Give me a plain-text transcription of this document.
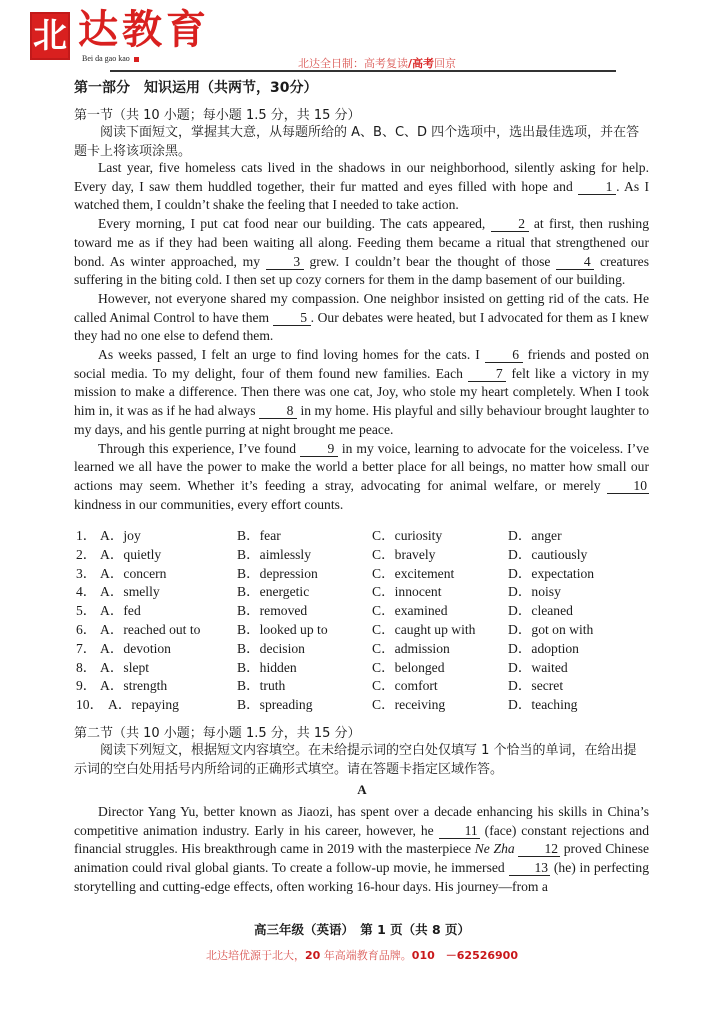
北 达教育
Bei da gao kao	北达全日制：高考复读/高考回京
第一部分　知识运用（共两节，30分）
第一节（共 10 小题；每小题 1.5 分，共 15 分）
阅读下面短文，掌握其大意，从每题所给的 A、B、C、D 四个选项中，选出最佳选项，并在答题卡上将该项涂黑。

Last year, five homeless cats lived in the shadows in our neighborhood, silently asking for help. Every day, I saw them huddled together, their fur matted and eyes filled with hope and 1 . As I watched them, I couldn’t shake the feeling that I needed to take action.

Every morning, I put cat food near our building. The cats appeared, 2 at first, then rushing toward me as if they had been waiting all along. Feeding them became a ritual that strengthened our bond. As winter approached, my 3 grew. I couldn’t bear the thought of those 4 creatures suffering in the biting cold. I then set up cozy corners for them in the damp basement of our building.

However, not everyone shared my compassion. One neighbor insisted on getting rid of the cats. He called Animal Control to have them 5 . Our debates were heated, but I advocated for them as I knew they had no one else to defend them.

As weeks passed, I felt an urge to find loving homes for the cats. I 6 friends and posted on social media. To my delight, four of them found new families. Each 7 felt like a victory in my mission to make a difference. Then there was one cat, Joy, who stole my heart completely. When I took him in, it was as if he had always 8 in my home. His playful and silly behaviour brought laughter to my days, and his gentle purring at night brought me peace.

Through this experience, I’ve found 9 in my voice, learning to advocate for the voiceless. I’ve learned we all have the power to make the world a better place for all beings, no matter how small our actions may seem. Whether it’s feeding a stray, advocating for animal welfare, or merely 10 kindness in our communities, every effort counts.

1． A．joy	B．fear	C．curiosity	D．anger
2． A．quietly	B．aimlessly	C．bravely	D．cautiously
3． A．concern	B．depression	C．excitement	D．expectation
4． A．smelly	B．energetic	C．innocent	D．noisy
5． A．fed	B．removed	C．examined	D．cleaned
6． A．reached out to	B．looked up to	C．caught up with D．got on with
7． A．devotion	B．decision	C．admission	D．adoption
8． A．slept	B．hidden	C．belonged	D．waited
9． A．strength	B．truth	C．comfort	D．secret
10． A．repaying	B．spreading	C．receiving	D．teaching
第二节（共 10 小题；每小题 1.5 分，共 15 分）
阅读下列短文，根据短文内容填空。在未给提示词的空白处仅填写 1 个恰当的单词，在给出提示词的空白处用括号内所给词的正确形式填空。请在答题卡指定区域作答。
A

Director Yang Yu, better known as Jiaozi, has spent over a decade enhancing his skills in China’s competitive animation industry. Early in his career, however, he 11 (face) constant rejections and financial struggles. His breakthrough came in 2019 with the masterpiece Ne Zha 12 proved Chinese animation could rival global giants. To create a follow-up movie, he immersed 13 (he) in perfecting storytelling and cutting-edge effects, often working 16-hour days. His journey—from a

高三年级（英语）　第 1 页（共 8 页）
北达培优源于北大，20 年高端教育品牌。010　－62526900
